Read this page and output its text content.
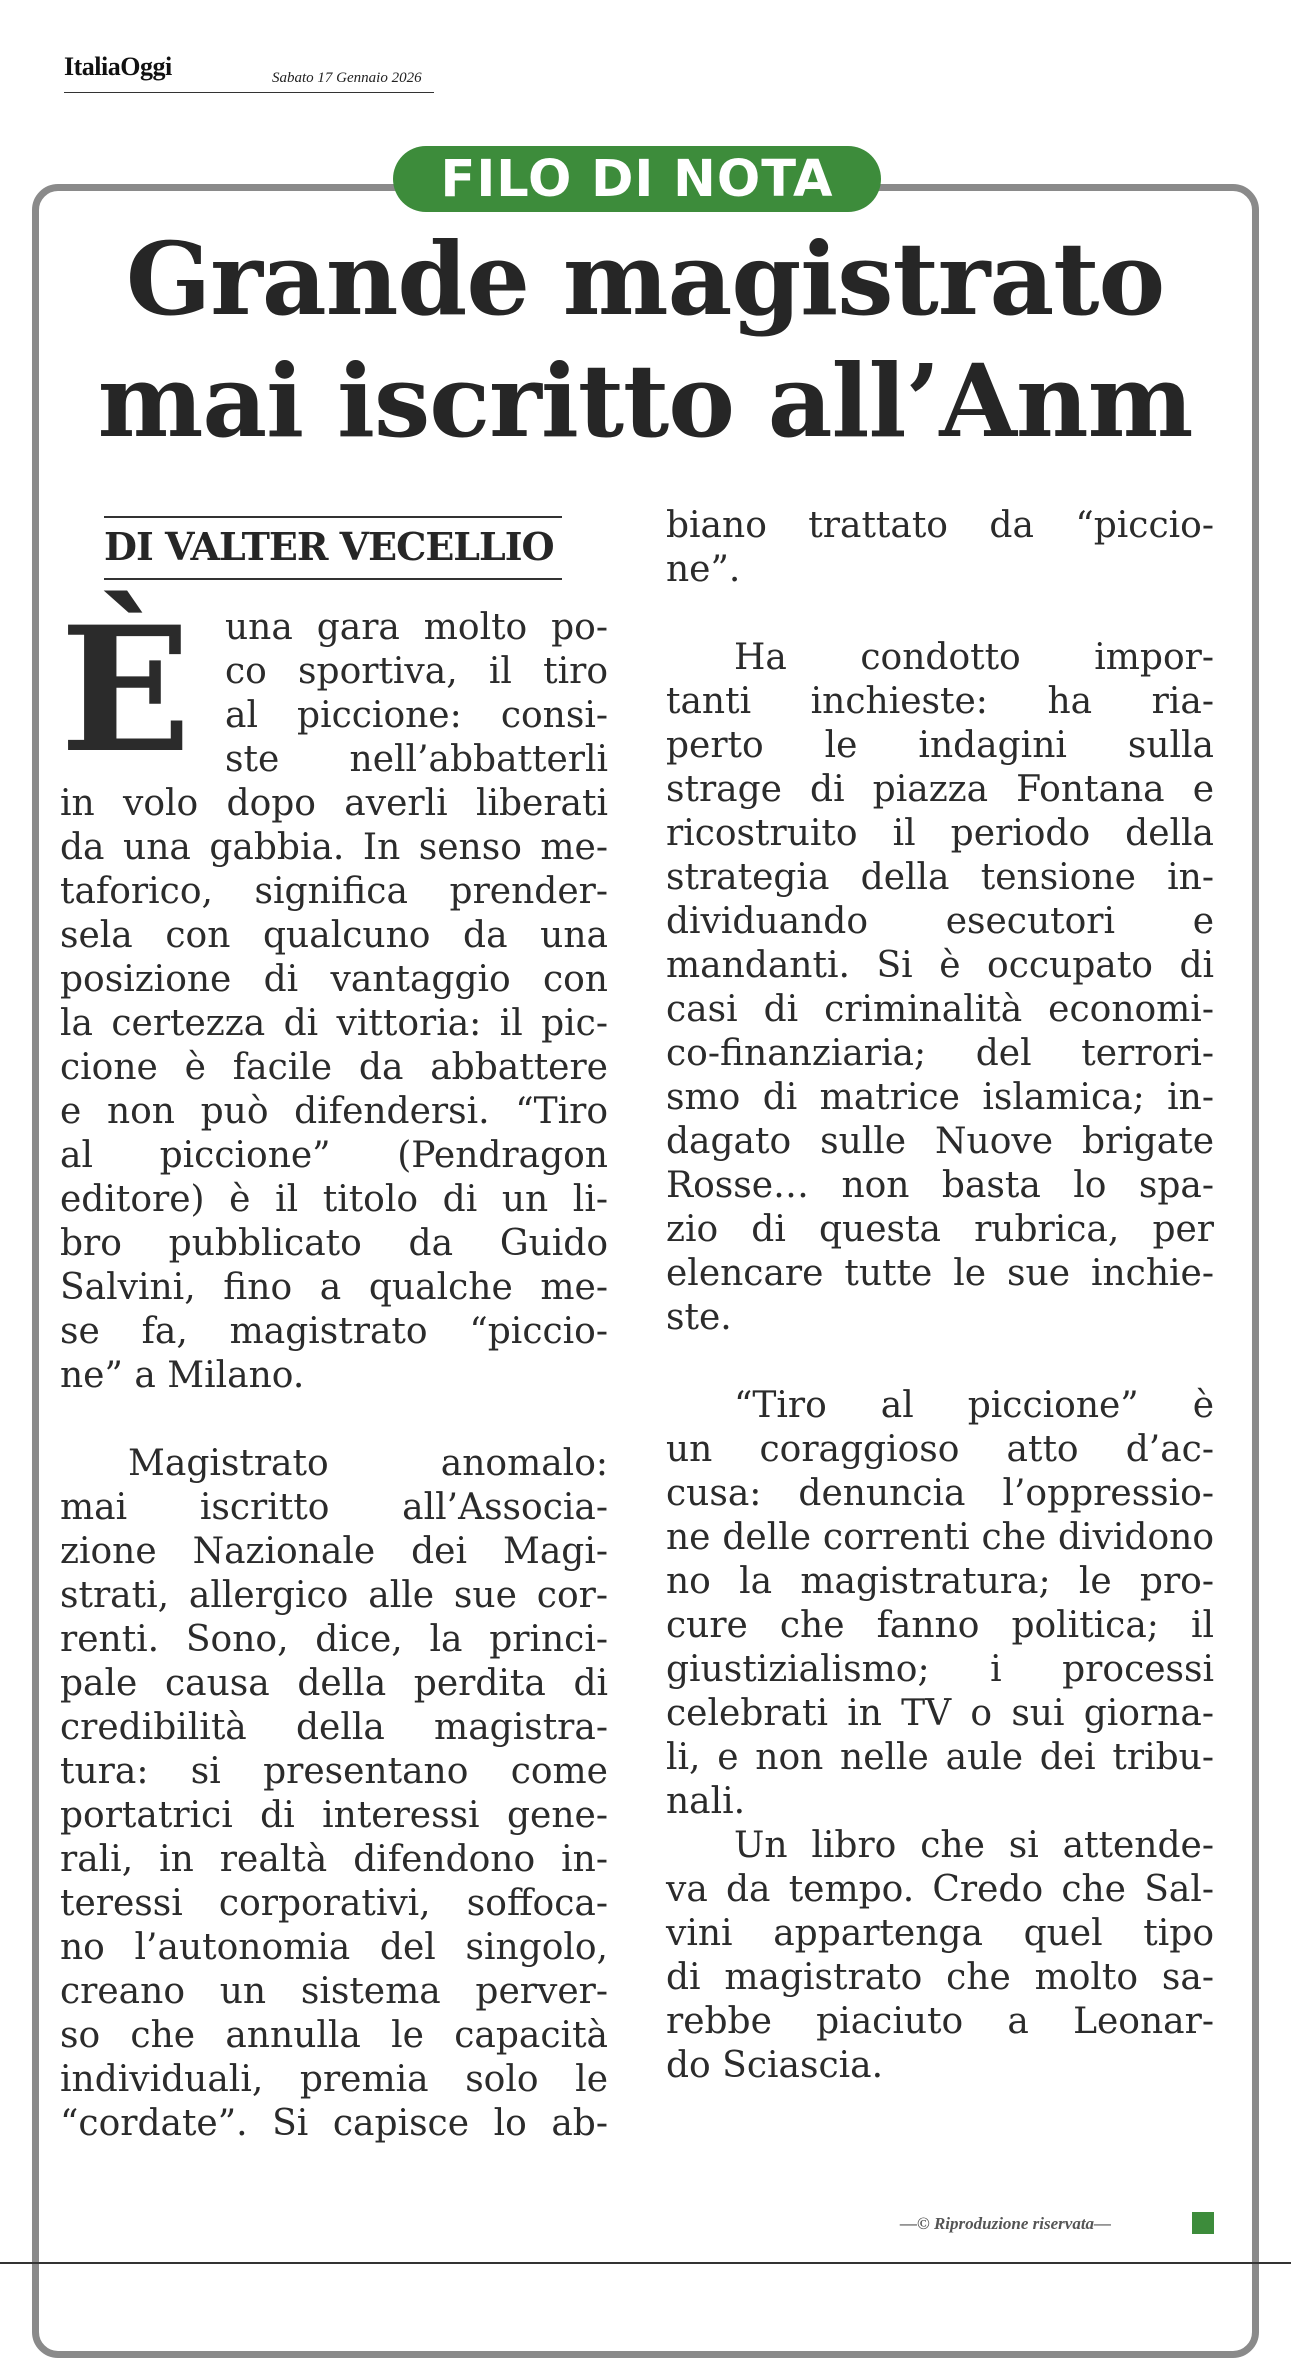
ItaliaOggi	Sabato 17 Gennaio 2026
FILO DI NOTA
Grande magistrato
mai iscritto all’Anm
DI VALTER VECELLIO
È una gara molto po-
co sportiva, il tiro
al piccione: consi-
ste nell’abbatterli
in volo dopo averli liberati
da una gabbia. In senso me-
taforico, significa prender-
sela con qualcuno da una
posizione di vantaggio con
la certezza di vittoria: il pic-
cione è facile da abbattere
e non può difendersi. “Tiro
al piccione” (Pendragon
editore) è il titolo di un li-
bro pubblicato da Guido
Salvini, fino a qualche me-
se fa, magistrato “piccio-
ne” a Milano.
Magistrato anomalo:
mai iscritto all’Associa-
zione Nazionale dei Magi-
strati, allergico alle sue cor-
renti. Sono, dice, la princi-
pale causa della perdita di
credibilità della magistra-
tura: si presentano come
portatrici di interessi gene-
rali, in realtà difendono in-
teressi corporativi, soffoca-
no l’autonomia del singolo,
creano un sistema perver-
so che annulla le capacità
individuali, premia solo le
“cordate”. Si capisce lo ab-
biano trattato da “piccio-
ne”.
Ha condotto impor-
tanti inchieste: ha ria-
perto le indagini sulla
strage di piazza Fontana e
ricostruito il periodo della
strategia della tensione in-
dividuando esecutori e
mandanti. Si è occupato di
casi di criminalità economi-
co-finanziaria; del terrori-
smo di matrice islamica; in-
dagato sulle Nuove brigate
Rosse… non basta lo spa-
zio di questa rubrica, per
elencare tutte le sue inchie-
ste.
“Tiro al piccione” è
un coraggioso atto d’ac-
cusa: denuncia l’oppressio-
ne delle correnti che dividono
no la magistratura; le pro-
cure che fanno politica; il
giustizialismo; i processi
celebrati in TV o sui giorna-
li, e non nelle aule dei tribu-
nali.
Un libro che si attende-
va da tempo. Credo che Sal-
vini appartenga quel tipo
di magistrato che molto sa-
rebbe piaciuto a Leonar-
do Sciascia.
—© Riproduzione riservata—
